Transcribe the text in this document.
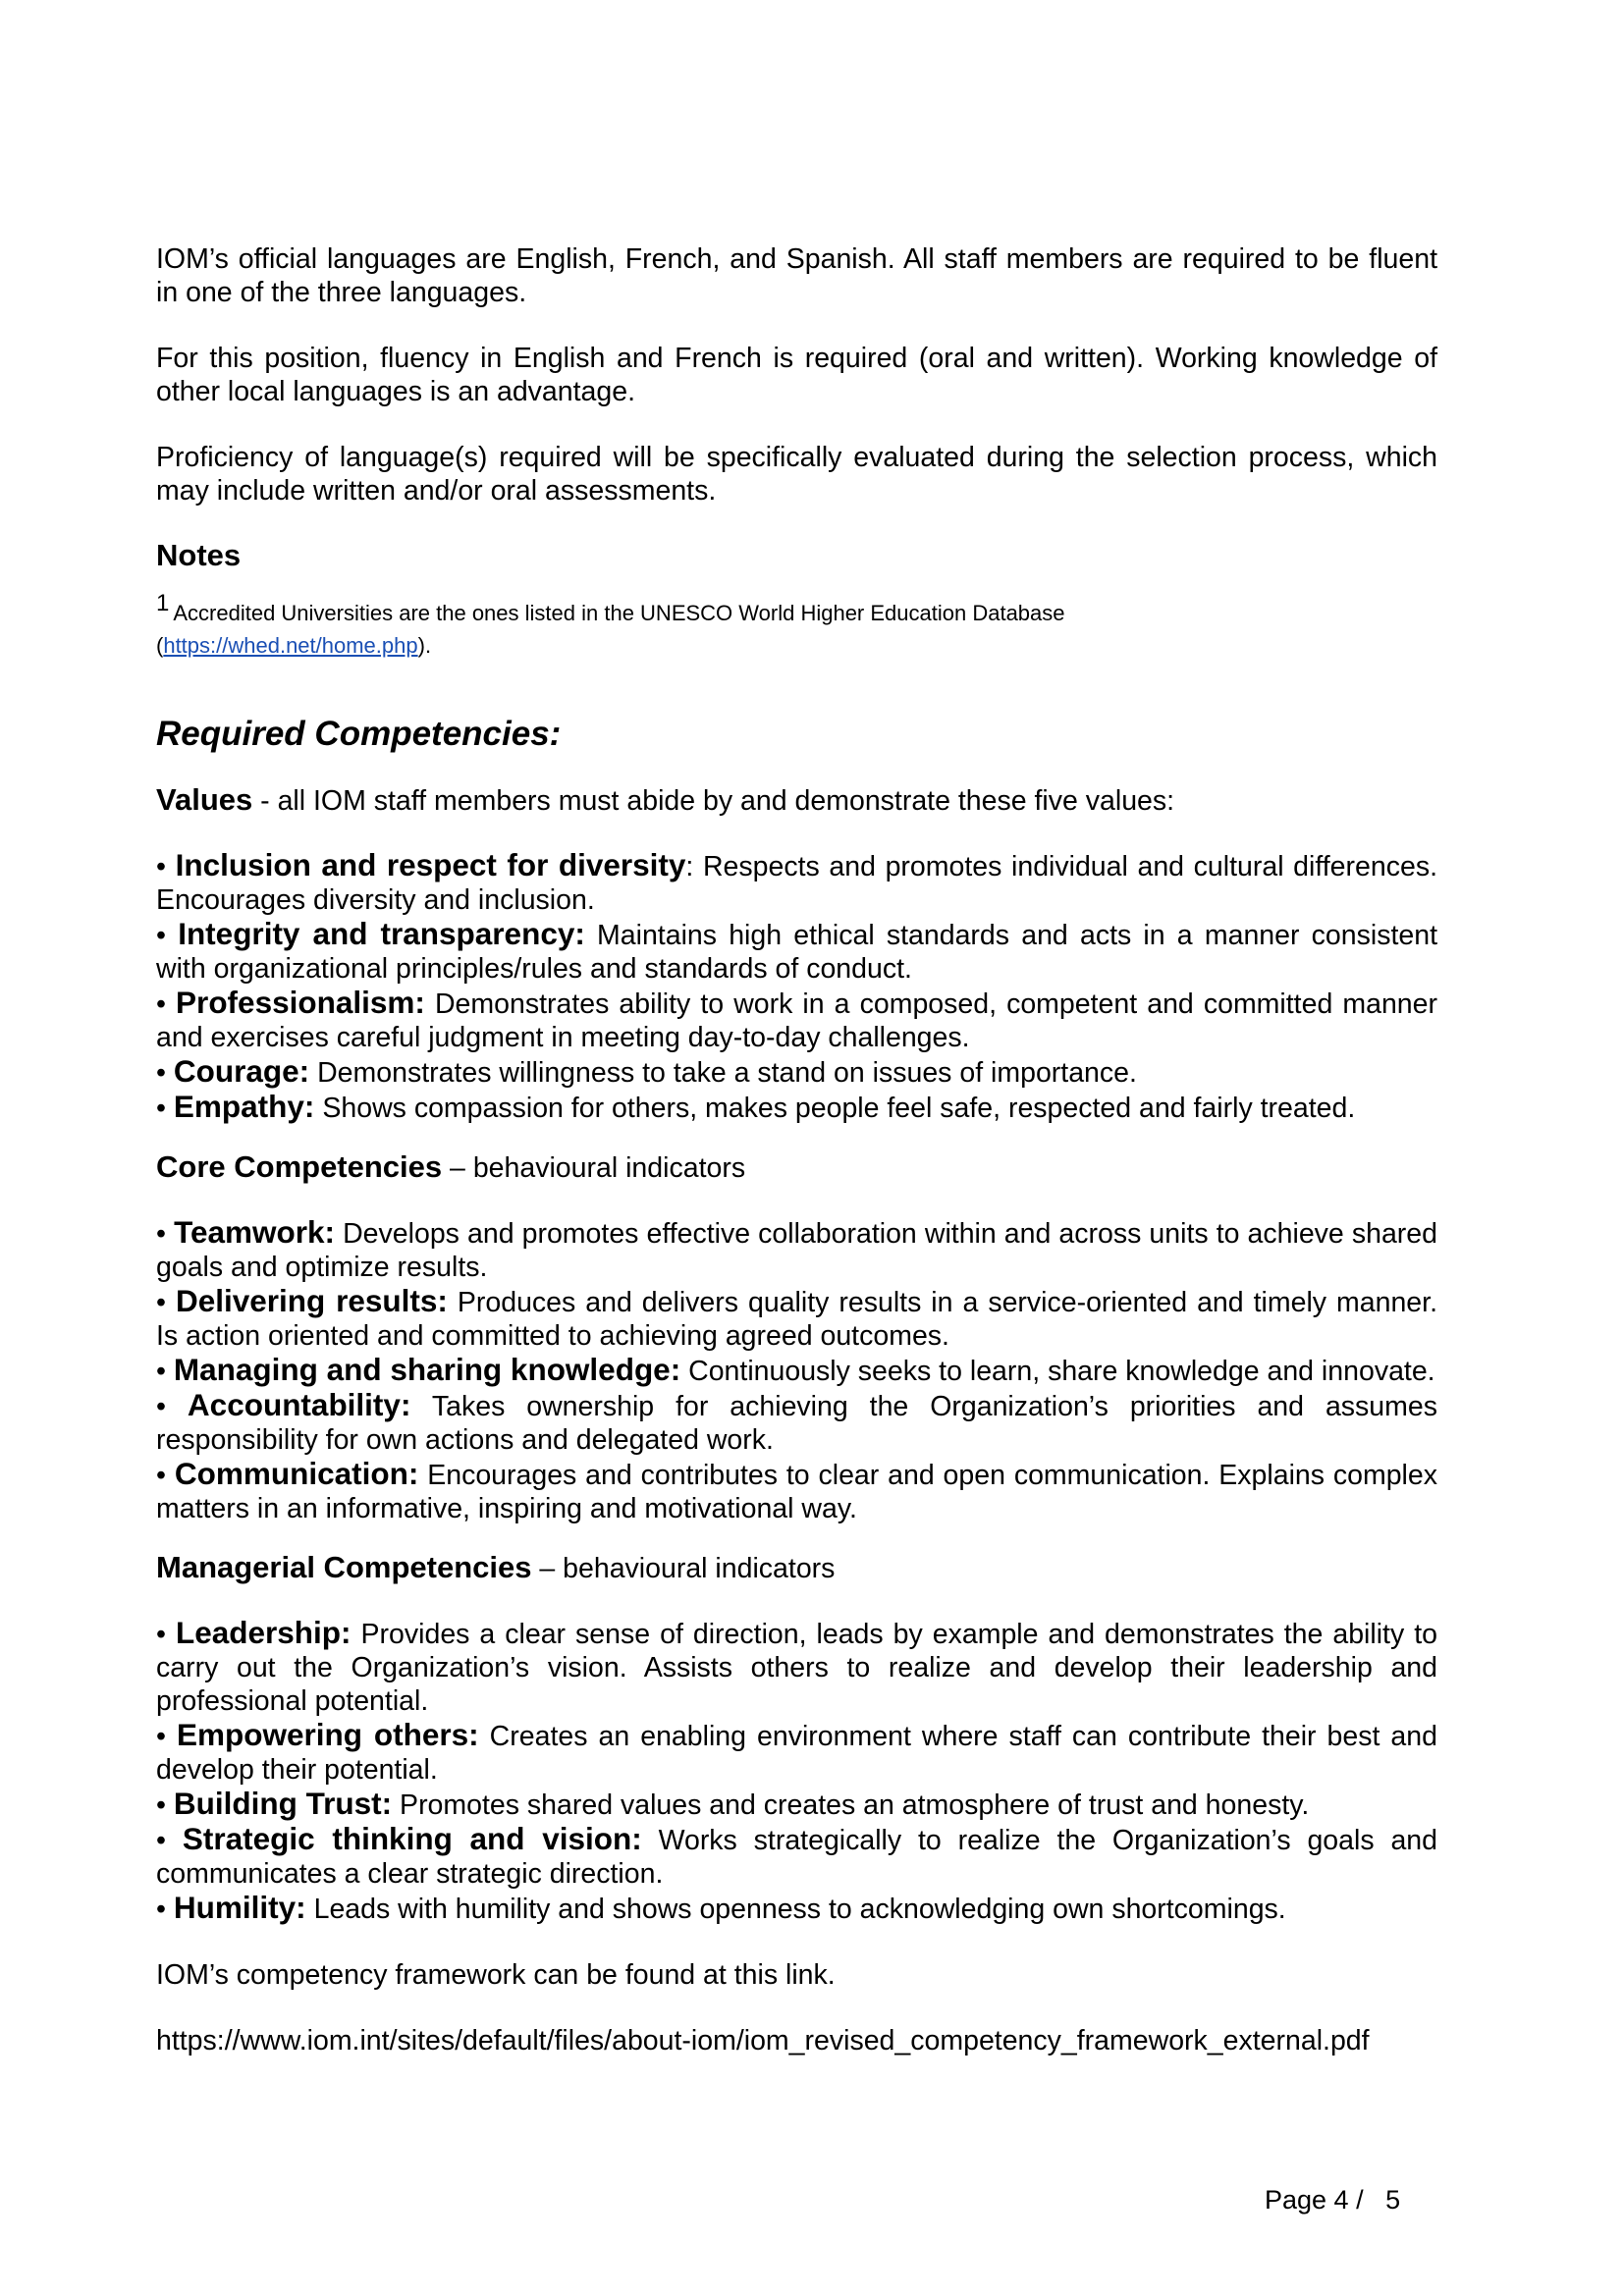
IOM’s official languages are English, French, and Spanish. All staff members are required to be fluent in one of the three languages.

For this position, fluency in English and French is required (oral and written). Working knowledge of other local languages is an advantage.

Proficiency of language(s) required will be specifically evaluated during the selection process, which may include written and/or oral assessments.

Notes
$^1$ Accredited Universities are the ones listed in the UNESCO World Higher Education Database
(https://whed.net/home.php).
Required Competencies:
Values - all IOM staff members must abide by and demonstrate these five values:
• Inclusion and respect for diversity: Respects and promotes individual and cultural differences. Encourages diversity and inclusion.
• Integrity and transparency: Maintains high ethical standards and acts in a manner consistent with organizational principles/rules and standards of conduct.
• Professionalism: Demonstrates ability to work in a composed, competent and committed manner and exercises careful judgment in meeting day-to-day challenges.
• Courage: Demonstrates willingness to take a stand on issues of importance.
• Empathy: Shows compassion for others, makes people feel safe, respected and fairly treated.
Core Competencies – behavioural indicators
• Teamwork: Develops and promotes effective collaboration within and across units to achieve shared goals and optimize results.
• Delivering results: Produces and delivers quality results in a service-oriented and timely manner. Is action oriented and committed to achieving agreed outcomes.
• Managing and sharing knowledge: Continuously seeks to learn, share knowledge and innovate.
• Accountability: Takes ownership for achieving the Organization’s priorities and assumes responsibility for own actions and delegated work.
• Communication: Encourages and contributes to clear and open communication. Explains complex matters in an informative, inspiring and motivational way.
Managerial Competencies – behavioural indicators
• Leadership: Provides a clear sense of direction, leads by example and demonstrates the ability to carry out the Organization’s vision. Assists others to realize and develop their leadership and professional potential.
• Empowering others: Creates an enabling environment where staff can contribute their best and develop their potential.
• Building Trust: Promotes shared values and creates an atmosphere of trust and honesty.
• Strategic thinking and vision: Works strategically to realize the Organization’s goals and communicates a clear strategic direction.
• Humility: Leads with humility and shows openness to acknowledging own shortcomings.

IOM’s competency framework can be found at this link.

https://www.iom.int/sites/default/files/about-iom/iom_revised_competency_framework_external.pdf

Page 4 /   5
